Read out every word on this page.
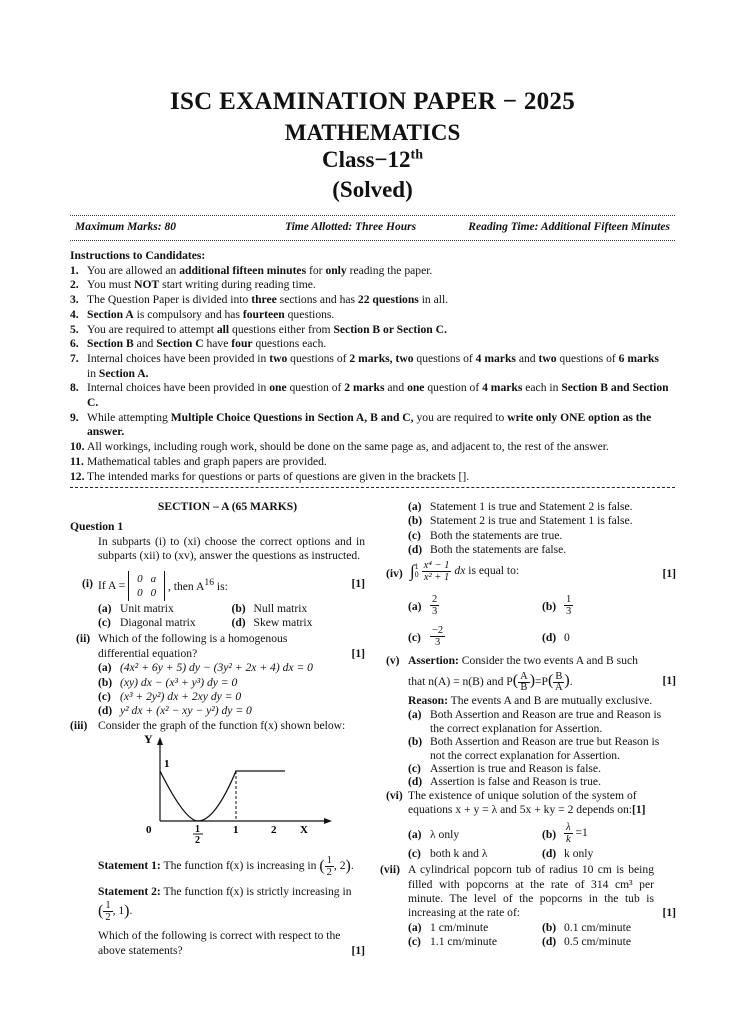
ISC EXAMINATION PAPER − 2025
MATHEMATICS
Class−12th
(Solved)
Maximum Marks: 80	Time Allotted: Three Hours	Reading Time: Additional Fifteen Minutes
Instructions to Candidates:
1. You are allowed an additional fifteen minutes for only reading the paper.
2. You must NOT start writing during reading time.
3. The Question Paper is divided into three sections and has 22 questions in all.
4. Section A is compulsory and has fourteen questions.
5. You are required to attempt all questions either from Section B or Section C.
6. Section B and Section C have four questions each.
7. Internal choices have been provided in two questions of 2 marks, two questions of 4 marks and two questions of 6 marks in Section A.
8. Internal choices have been provided in one question of 2 marks and one question of 4 marks each in Section B and Section C.
9. While attempting Multiple Choice Questions in Section A, B and C, you are required to write only ONE option as the answer.
10. All workings, including rough work, should be done on the same page as, and adjacent to, the rest of the answer.
11. Mathematical tables and graph papers are provided.
12. The intended marks for questions or parts of questions are given in the brackets [].
SECTION – A (65 MARKS)
Question 1
In subparts (i) to (xi) choose the correct options and in subparts (xii) to (xv), answer the questions as instructed.
(i) If A = 0	a
0	0 , then $A^{16}$ is:	[1]
(a) Unit matrix	(b) Null matrix
(c) Diagonal matrix	(d) Skew matrix
(ii) Which of the following is a homogenous differential equation?	[1]
(a) (4x² + 6y + 5) dy − (3y² + 2x + 4) dx = 0
(b) (xy) dx − (x³ + y³) dy = 0
(c) (x³ + 2y²) dx + 2xy dy = 0
(d) y² dx + (x² − xy − y²) dy = 0
(iii) Consider the graph of the function f(x) shown below:
Y
1
0	1
2
1	2 X
Statement 1: The function f(x) is increasing in ( $\frac{1}{2}$ , 2).
Statement 2: The function f(x) is strictly increasing in
( $\frac{1}{2}$ , 1).
Which of the following is correct with respect to the above statements?	[1]
(a) Statement 1 is true and Statement 2 is false.
(b) Statement 2 is true and Statement 1 is false.
(c) Both the statements are true.
(d) Both the statements are false.
(iv) $\int^1_0 \frac{\text{x⁴ − 1}}{\text{x² + 1}}$ dx is equal to:	[1]
$(a) \frac{2}{3}$	$(b) \frac{1}{3}$
$(c) \frac{-2}{3}$	(d) 0
(v) Assertion: Consider the two events A and B such
that n(A) = n(B) and $P( \frac{A}{B} )=P( \frac{B}{A}$ ).	[1]
Reason: The events A and B are mutually exclusive.
(a) Both Assertion and Reason are true and Reason is the correct explanation for Assertion.
(b) Both Assertion and Reason are true but Reason is not the correct explanation for Assertion.
(c) Assertion is true and Reason is false.
(d) Assertion is false and Reason is true.
(vi) The existence of unique solution of the system of equations x + y = λ and 5x + ky = 2 depends on:[1]
(a) λ only	$(b) \frac{\lambda}{k} =1$
(c) both k and λ	(d) k only
(vii) A cylindrical popcorn tub of radius 10 cm is being filled with popcorns at the rate of 314 cm³ per minute. The level of the popcorns in the tub is increasing at the rate of:	[1]
(a) 1 cm/minute	(b) 0.1 cm/minute
(c) 1.1 cm/minute	(d) 0.5 cm/minute
